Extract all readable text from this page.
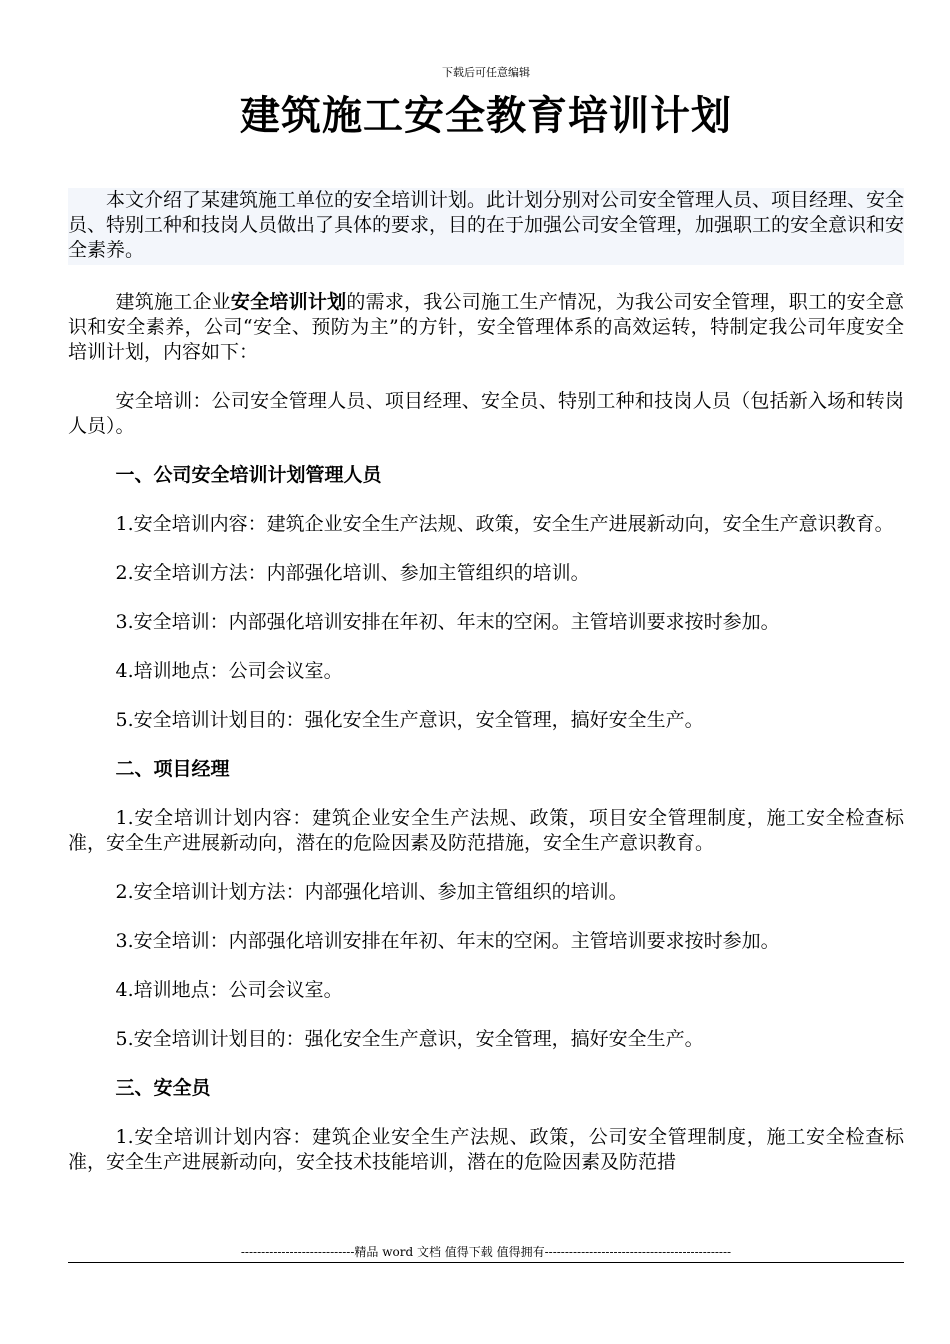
下载后可任意编辑
建筑施工安全教育培训计划

本文介绍了某建筑施工单位的安全培训计划。此计划分别对公司安全管理人员、项目经理、安全员、特别工种和技岗人员做出了具体的要求，目的在于加强公司安全管理，加强职工的安全意识和安全素养。

建筑施工企业安全培训计划的需求，我公司施工生产情况，为我公司安全管理，职工的安全意识和安全素养，公司“安全、预防为主”的方针，安全管理体系的高效运转，特制定我公司年度安全培训计划，内容如下：

安全培训：公司安全管理人员、项目经理、安全员、特别工种和技岗人员（包括新入场和转岗人员）。

一、公司安全培训计划管理人员

1.安全培训内容：建筑企业安全生产法规、政策，安全生产进展新动向，安全生产意识教育。

2.安全培训方法：内部强化培训、参加主管组织的培训。

3.安全培训：内部强化培训安排在年初、年末的空闲。主管培训要求按时参加。

4.培训地点：公司会议室。

5.安全培训计划目的：强化安全生产意识，安全管理，搞好安全生产。

二、项目经理

1.安全培训计划内容：建筑企业安全生产法规、政策，项目安全管理制度，施工安全检查标准，安全生产进展新动向，潜在的危险因素及防范措施，安全生产意识教育。

2.安全培训计划方法：内部强化培训、参加主管组织的培训。

3.安全培训：内部强化培训安排在年初、年末的空闲。主管培训要求按时参加。

4.培训地点：公司会议室。

5.安全培训计划目的：强化安全生产意识，安全管理，搞好安全生产。

三、安全员

1.安全培训计划内容：建筑企业安全生产法规、政策，公司安全管理制度，施工安全检查标准，安全生产进展新动向，安全技术技能培训，潜在的危险因素及防范措

----------------------------精品 word 文档 值得下载 值得拥有----------------------------------------------
